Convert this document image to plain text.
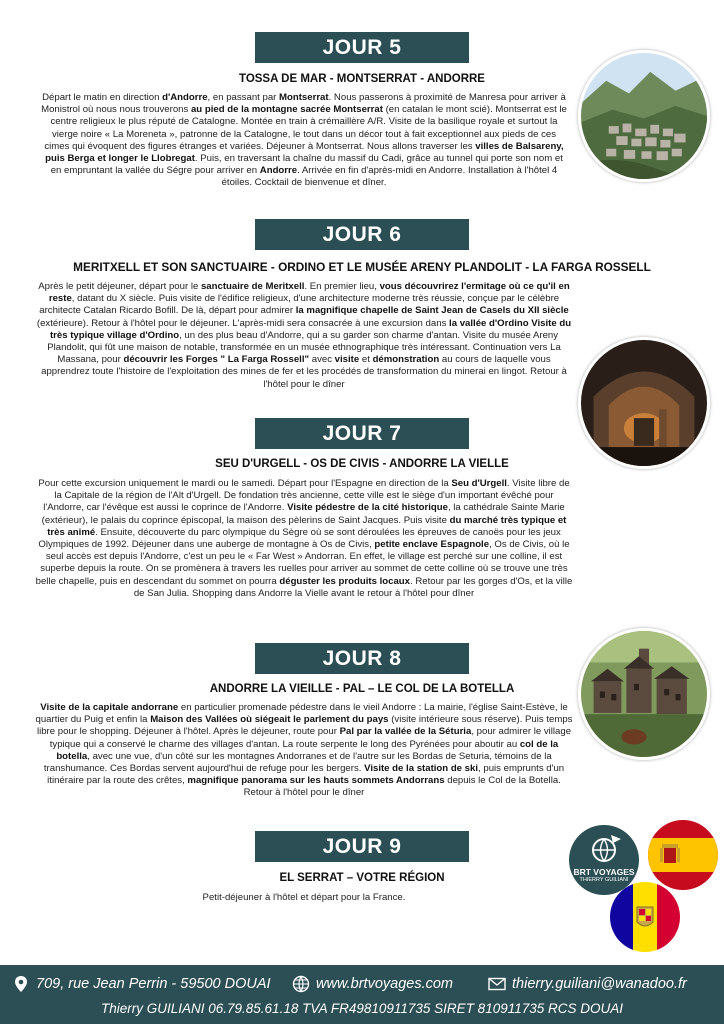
JOUR 5
TOSSA DE MAR - MONTSERRAT - ANDORRE
Départ le matin en direction d'Andorre, en passant par Montserrat. Nous passerons à proximité de Manresa pour arriver à Monistrol où nous nous trouverons au pied de la montagne sacrée Montserrat (en catalan le mont scié). Montserrat est le centre religieux le plus réputé de Catalogne. Montée en train à crémaillère A/R. Visite de la basilique royale et surtout la vierge noire « La Moreneta », patronne de la Catalogne, le tout dans un décor tout à fait exceptionnel aux pieds de ces cimes qui évoquent des figures étranges et variées. Déjeuner à Montserrat. Nous allons traverser les villes de Balsareny, puis Berga et longer le Llobregat. Puis, en traversant la chaîne du massif du Cadi, grâce au tunnel qui porte son nom et en empruntant la vallée du Ségre pour arriver en Andorre. Arrivée en fin d'après-midi en Andorre. Installation à l'hôtel 4 étoiles. Cocktail de bienvenue et dîner.
JOUR 6
MERITXELL ET SON SANCTUAIRE - ORDINO ET LE MUSÉE ARENY PLANDOLIT - LA FARGA ROSSELL
Après le petit déjeuner, départ pour le sanctuaire de Meritxell. En premier lieu, vous découvrirez l'ermitage où ce qu'il en reste, datant du X siècle. Puis visite de l'édifice religieux, d'une architecture moderne très réussie, conçue par le célèbre architecte Catalan Ricardo Bofill. De là, départ pour admirer la magnifique chapelle de Saint Jean de Casels du XII siècle (extérieure). Retour à l'hôtel pour le déjeuner. L'après-midi sera consacrée à une excursion dans la vallée d'Ordino Visite du très typique village d'Ordino, un des plus beau d'Andorre, qui a su garder son charme d'antan. Visite du musée Areny Plandolit, qui fût une maison de notable, transformée en un musée ethnographique très intéressant. Continuation vers La Massana, pour découvrir les Forges " La Farga Rossell" avec visite et démonstration au cours de laquelle vous apprendrez toute l'histoire de l'exploitation des mines de fer et les procédés de transformation du minerai en lingot. Retour à l'hôtel pour le dîner
JOUR 7
SEU D'URGELL - OS DE CIVIS - ANDORRE LA VIELLE
Pour cette excursion uniquement le mardi ou le samedi. Départ pour l'Espagne en direction de la Seu d'Urgell. Visite libre de la Capitale de la région de l'Alt d'Urgell. De fondation très ancienne, cette ville est le siège d'un important évêché pour l'Andorre, car l'évêque est aussi le coprince de l'Andorre. Visite pédestre de la cité historique, la cathédrale Sainte Marie (extérieur), le palais du coprince épiscopal, la maison des pèlerins de Saint Jacques. Puis visite du marché très typique et très animé. Ensuite, découverte du parc olympique du Sègre où se sont déroulées les épreuves de canoës pour les jeux Olympiques de 1992. Déjeuner dans une auberge de montagne à Os de Civis, petite enclave Espagnole, Os de Civis, où le seul accès est depuis l'Andorre, c'est un peu le « Far West » Andorran. En effet, le village est perché sur une colline, il est superbe depuis la route. On se promènera à travers les ruelles pour arriver au sommet de cette colline où se trouve une très belle chapelle, puis en descendant du sommet on pourra déguster les produits locaux. Retour par les gorges d'Os, et la ville de San Julia. Shopping dans Andorre la Vielle avant le retour à l'hôtel pour dîner
JOUR 8
ANDORRE LA VIEILLE - PAL – LE COL DE LA BOTELLA
Visite de la capitale andorrane en particulier promenade pédestre dans le vieil Andorre : La mairie, l'église Saint-Estève, le quartier du Puig et enfin la Maison des Vallées où siégeait le parlement du pays (visite intérieure sous réserve). Puis temps libre pour le shopping. Déjeuner à l'hôtel. Après le déjeuner, route pour Pal par la vallée de la Séturia, pour admirer le village typique qui a conservé le charme des villages d'antan. La route serpente le long des Pyrénées pour aboutir au col de la botella, avec une vue, d'un côté sur les montagnes Andorranes et de l'autre sur les Bordas de Seturia, témoins de la transhumance. Ces Bordas servent aujourd'hui de refuge pour les bergers. Visite de la station de ski, puis emprunts d'un itinéraire par la route des crêtes, magnifique panorama sur les hauts sommets Andorrans depuis le Col de la Botella. Retour à l'hôtel pour le dîner
JOUR 9
EL SERRAT – VOTRE RÉGION
Petit-déjeuner à l'hôtel et départ pour la France.
BRT VOYAGES
THIERRY GUILIANI
709, rue Jean Perrin - 59500 DOUAI	www.brtvoyages.com	thierry.guiliani@wanadoo.fr
Thierry GUILIANI 06.79.85.61.18 TVA FR49810911735 SIRET 810911735 RCS DOUAI
